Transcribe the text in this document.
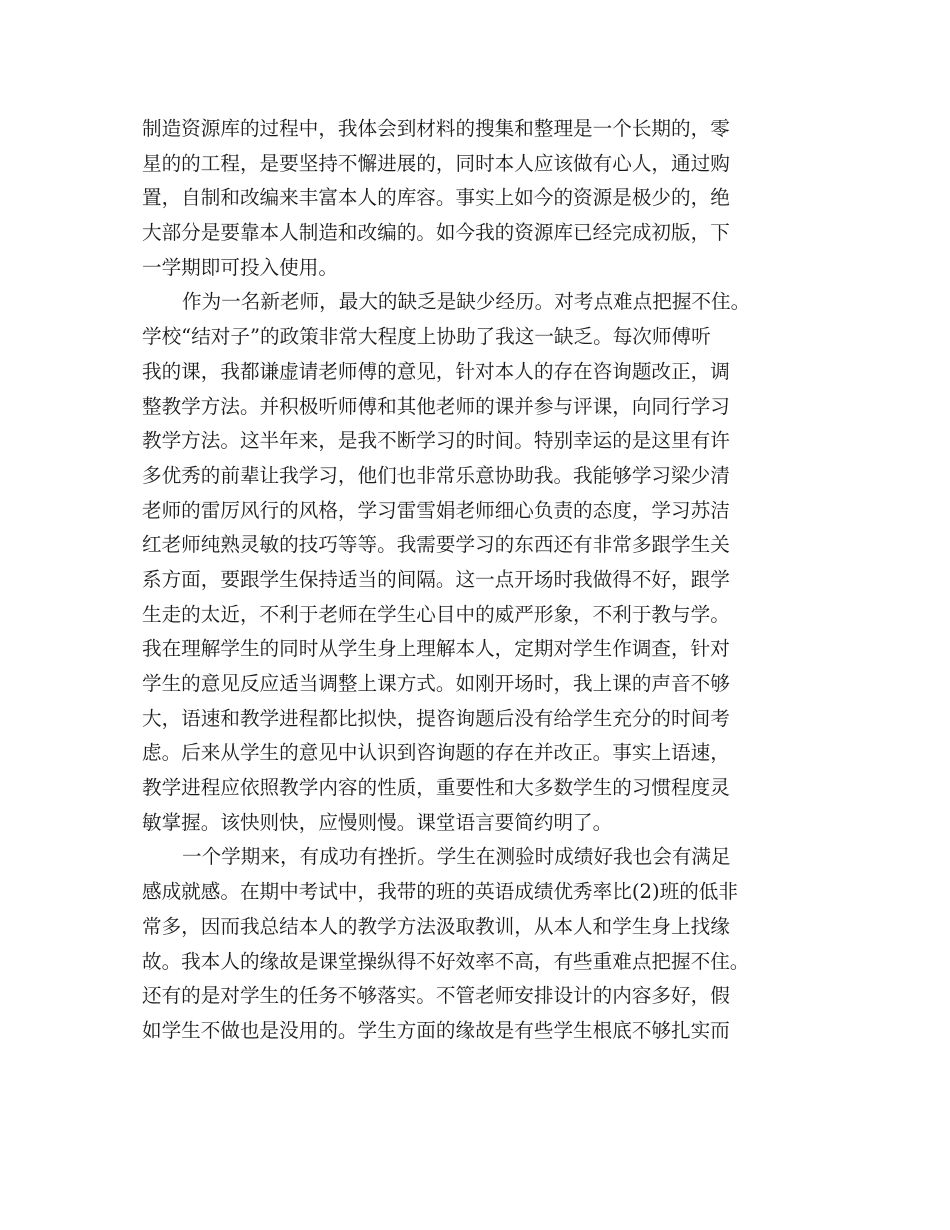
制造资源库的过程中，我体会到材料的搜集和整理是一个长期的，零
星的的工程，是要坚持不懈进展的，同时本人应该做有心人，通过购
置，自制和改编来丰富本人的库容。事实上如今的资源是极少的，绝
大部分是要靠本人制造和改编的。如今我的资源库已经完成初版，下
一学期即可投入使用。
作为一名新老师，最大的缺乏是缺少经历。对考点难点把握不住。
学校“结对子”的政策非常大程度上协助了我这一缺乏。每次师傅听
我的课，我都谦虚请老师傅的意见，针对本人的存在咨询题改正，调
整教学方法。并积极听师傅和其他老师的课并参与评课，向同行学习
教学方法。这半年来，是我不断学习的时间。特别幸运的是这里有许
多优秀的前辈让我学习，他们也非常乐意协助我。我能够学习梁少清
老师的雷厉风行的风格，学习雷雪娟老师细心负责的态度，学习苏洁
红老师纯熟灵敏的技巧等等。我需要学习的东西还有非常多跟学生关
系方面，要跟学生保持适当的间隔。这一点开场时我做得不好，跟学
生走的太近，不利于老师在学生心目中的威严形象，不利于教与学。
我在理解学生的同时从学生身上理解本人，定期对学生作调查，针对
学生的意见反应适当调整上课方式。如刚开场时，我上课的声音不够
大，语速和教学进程都比拟快，提咨询题后没有给学生充分的时间考
虑。后来从学生的意见中认识到咨询题的存在并改正。事实上语速，
教学进程应依照教学内容的性质，重要性和大多数学生的习惯程度灵
敏掌握。该快则快，应慢则慢。课堂语言要简约明了。
一个学期来，有成功有挫折。学生在测验时成绩好我也会有满足
感成就感。在期中考试中，我带的班的英语成绩优秀率比(2)班的低非
常多，因而我总结本人的教学方法汲取教训，从本人和学生身上找缘
故。我本人的缘故是课堂操纵得不好效率不高，有些重难点把握不住。
还有的是对学生的任务不够落实。不管老师安排设计的内容多好，假
如学生不做也是没用的。学生方面的缘故是有些学生根底不够扎实而
